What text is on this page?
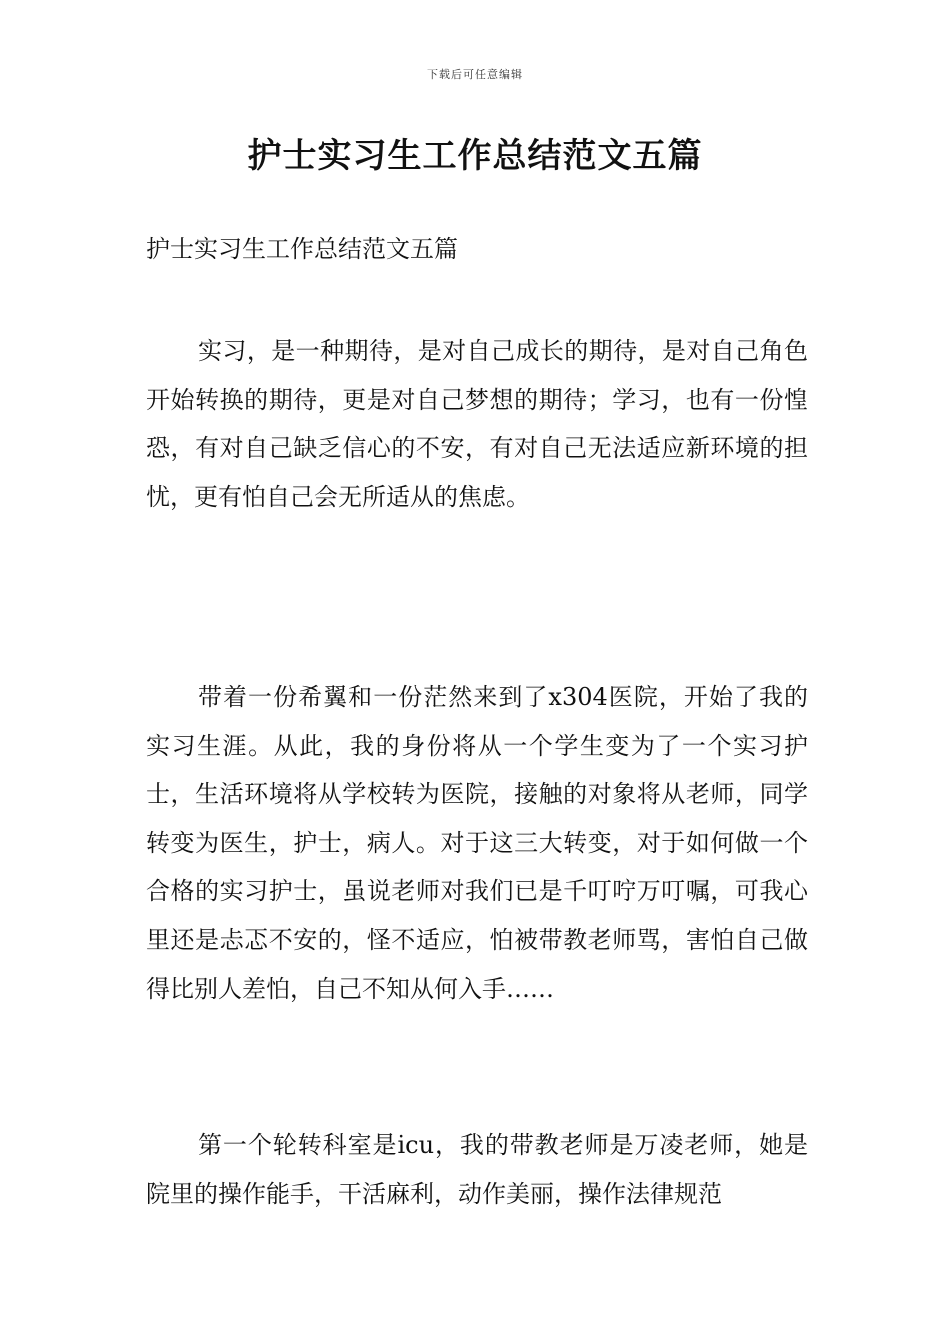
下载后可任意编辑
护士实习生工作总结范文五篇

护士实习生工作总结范文五篇

实习，是一种期待，是对自己成长的期待，是对自己角色开始转换的期待，更是对自己梦想的期待；学习，也有一份惶恐，有对自己缺乏信心的不安，有对自己无法适应新环境的担忧，更有怕自己会无所适从的焦虑。

带着一份希翼和一份茫然来到了x304医院，开始了我的实习生涯。从此，我的身份将从一个学生变为了一个实习护士，生活环境将从学校转为医院，接触的对象将从老师，同学转变为医生，护士，病人。对于这三大转变，对于如何做一个合格的实习护士，虽说老师对我们已是千叮咛万叮嘱，可我心里还是忐忑不安的，怪不适应，怕被带教老师骂，害怕自己做得比别人差怕，自己不知从何入手……

第一个轮转科室是icu，我的带教老师是万凌老师，她是院里的操作能手，干活麻利，动作美丽，操作法律规范
